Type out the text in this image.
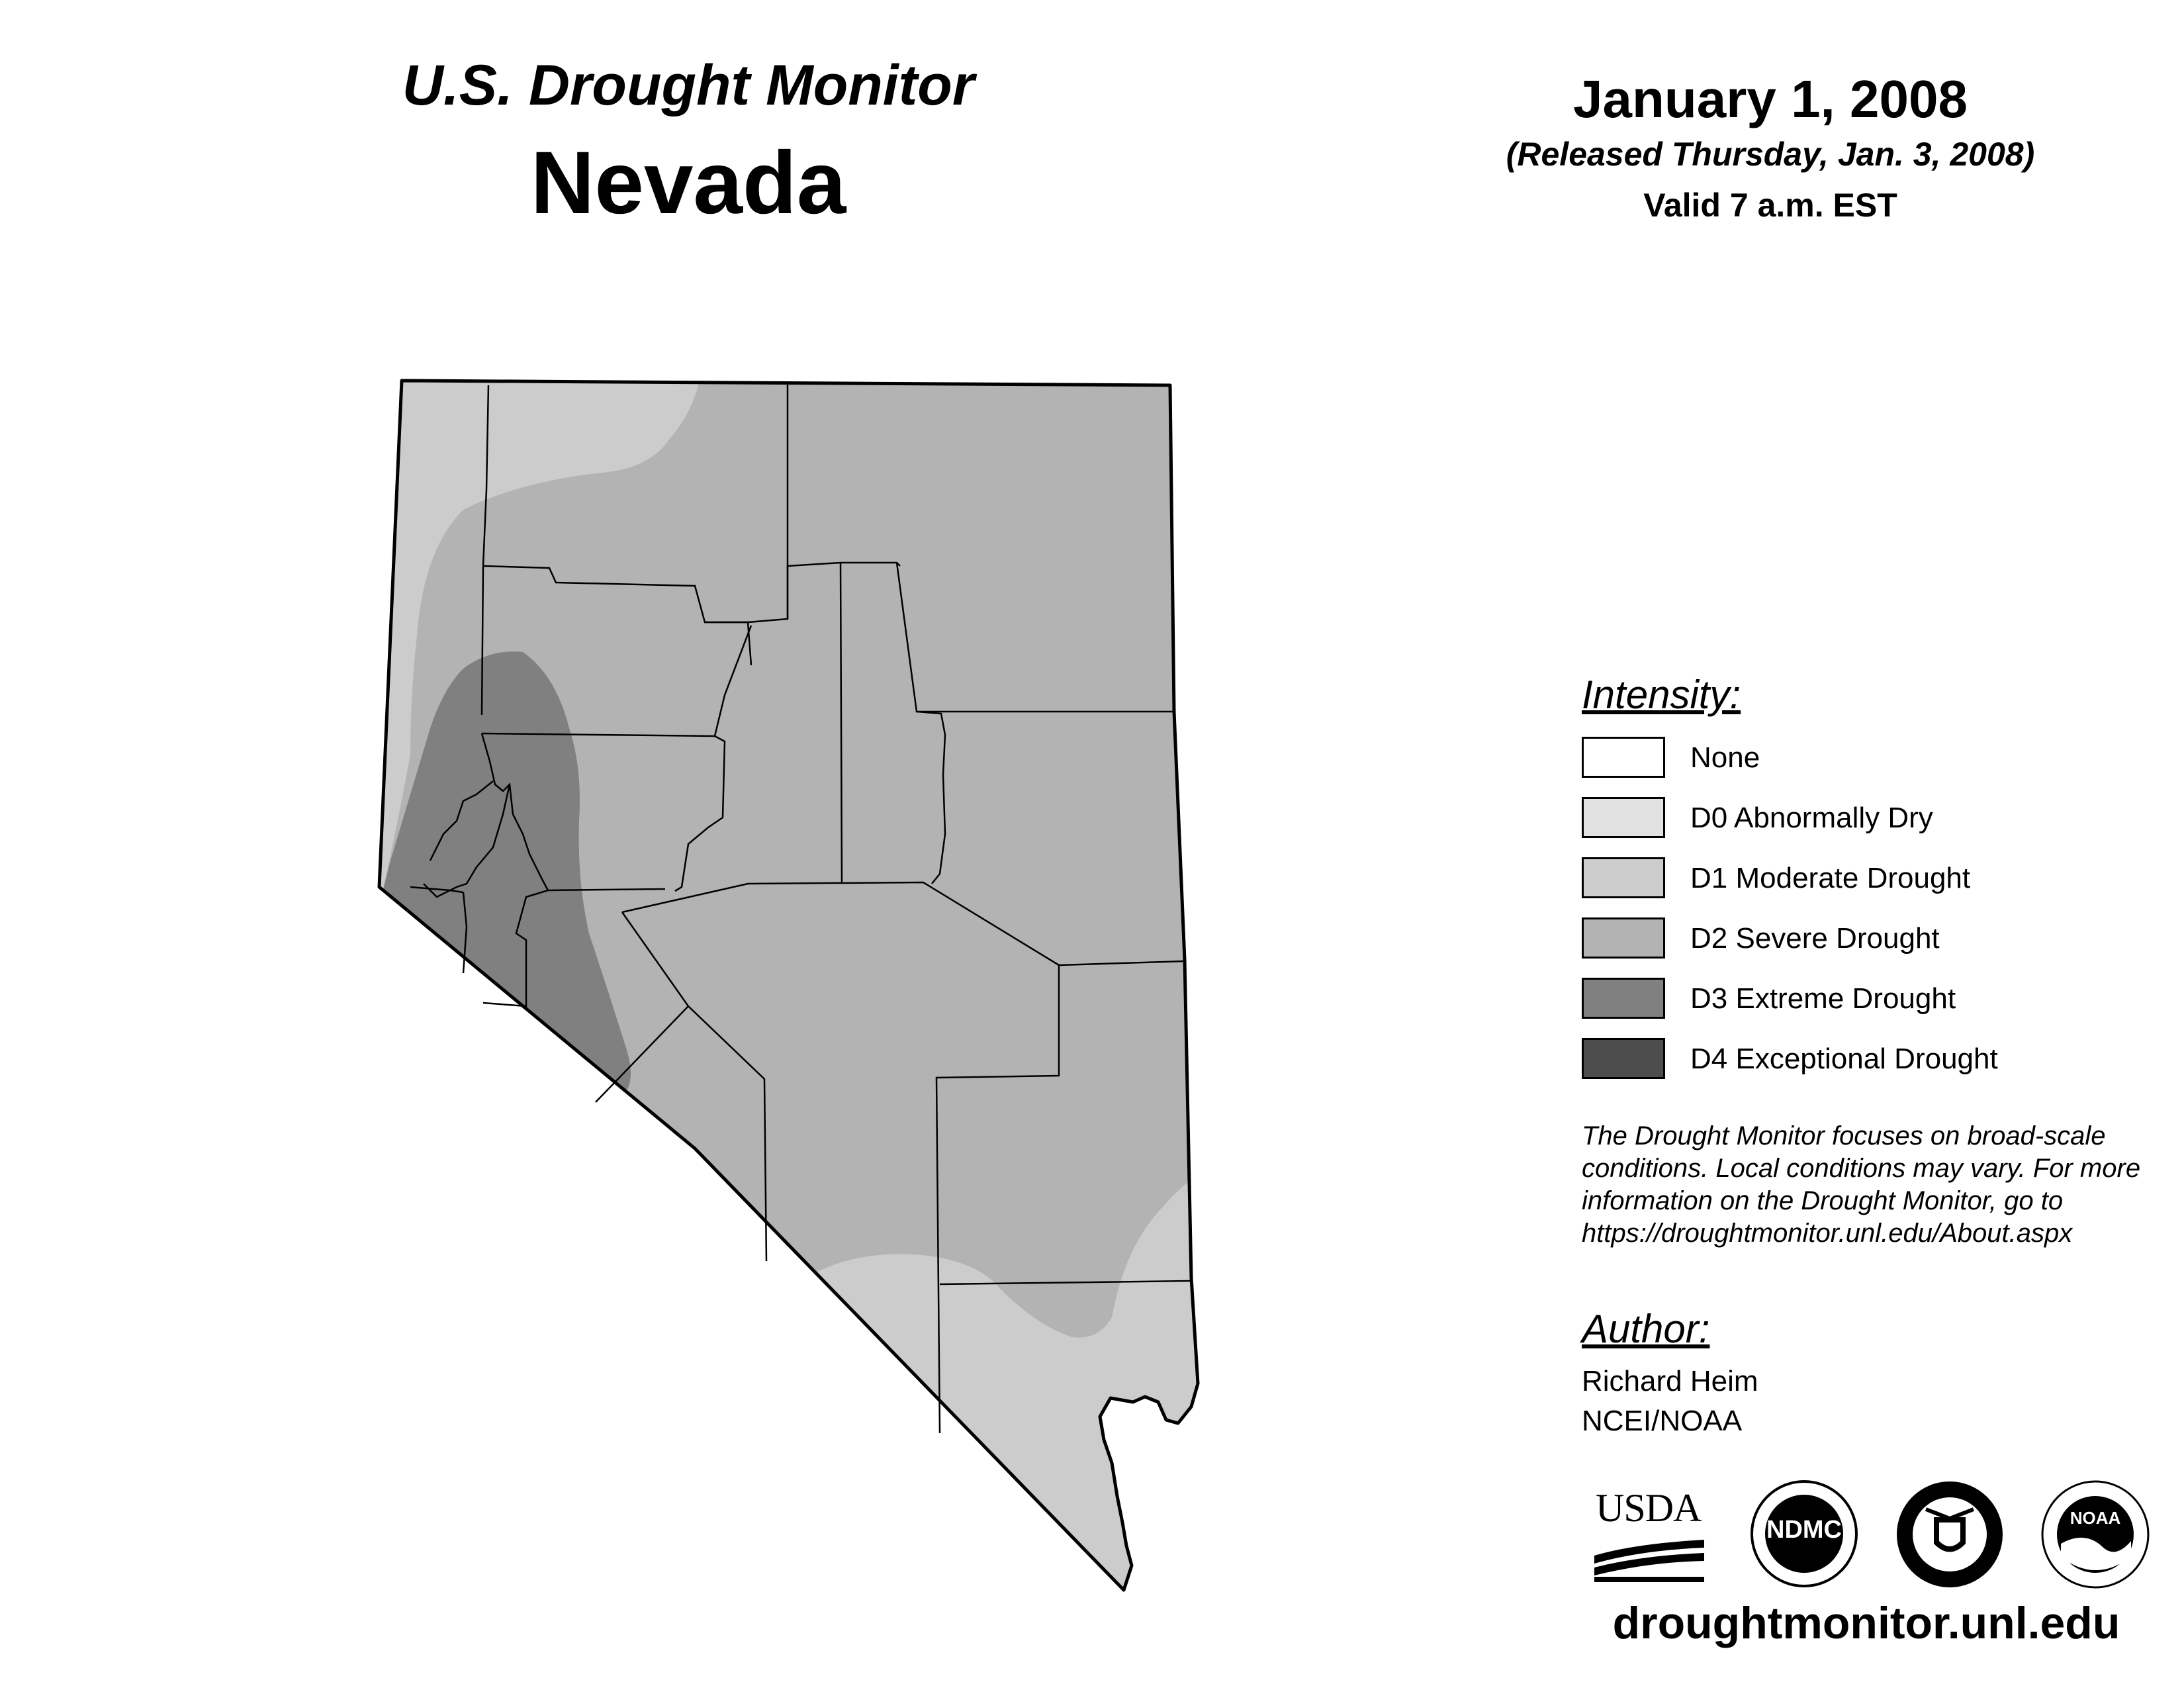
U.S. Drought Monitor
Nevada
January 1, 2008
(Released Thursday, Jan. 3, 2008)
Valid 7 a.m. EST
Intensity:
None
D0 Abnormally Dry
D1 Moderate Drought
D2 Severe Drought
D3 Extreme Drought
D4 Exceptional Drought
The Drought Monitor focuses on broad-scale
conditions. Local conditions may vary. For more
information on the Drought Monitor, go to
https://droughtmonitor.unl.edu/About.aspx
Author:
Richard Heim
NCEI/NOAA
USDA	NDMC	NOAA
droughtmonitor.unl.edu
